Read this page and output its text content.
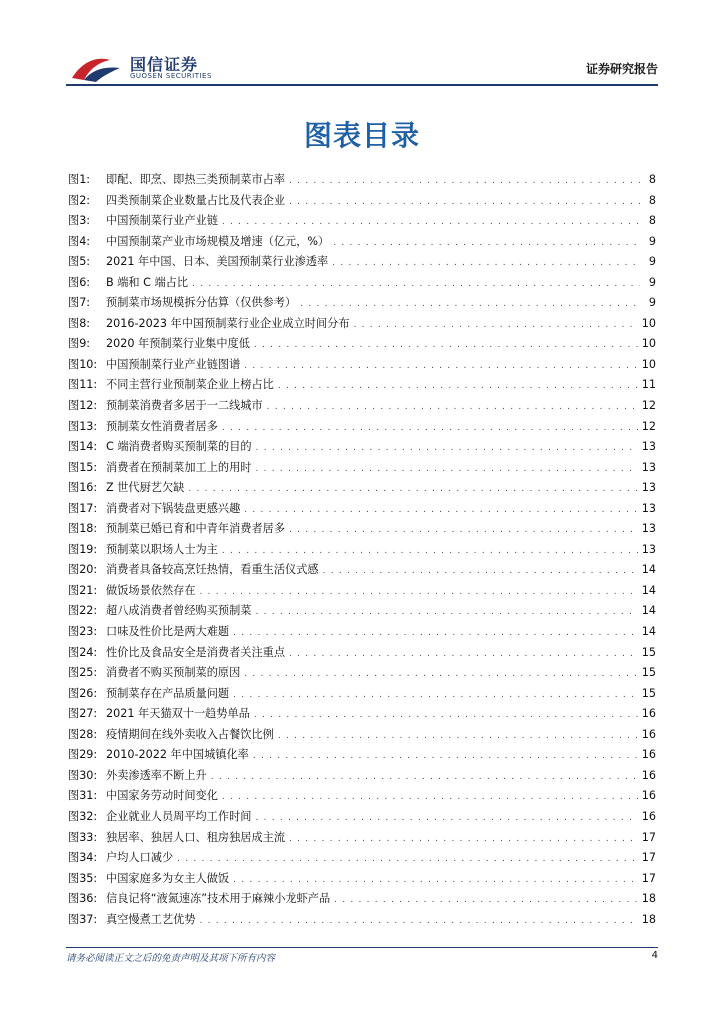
国信证券
GUOSEN SECURITIES	证券研究报告
图表目录
图1:	即配、即烹、即热三类预制菜市占率 . . .	8
图2:	四类预制菜企业数量占比及代表企业 . . .	8
图3:	中国预制菜行业产业链 . . .	8
图4:	中国预制菜产业市场规模及增速（亿元，%） . . .	9
图5:	2021 年中国、日本、美国预制菜行业渗透率 . . .	9
图6:	B 端和 C 端占比 . . .	9
图7:	预制菜市场规模拆分估算（仅供参考） . . .	9
图8:	2016-2023 年中国预制菜行业企业成立时间分布 . . .	10
图9:	2020 年预制菜行业集中度低 . . .	10
图10: 中国预制菜行业产业链图谱 . . .	10
图11: 不同主营行业预制菜企业上榜占比 . . .	11
图12: 预制菜消费者多居于一二线城市 . . .	12
图13: 预制菜女性消费者居多 . . .	12
图14: C 端消费者购买预制菜的目的 . . .	13
图15: 消费者在预制菜加工上的用时 . . .	13
图16: Z 世代厨艺欠缺 . . .	13
图17: 消费者对下锅装盘更感兴趣 . . .	13
图18: 预制菜已婚已育和中青年消费者居多 . . .	13
图19: 预制菜以职场人士为主 . . .	13
图20: 消费者具备较高烹饪热情，看重生活仪式感 . . .	14
图21: 做饭场景依然存在 . . .	14
图22: 超八成消费者曾经购买预制菜 . . .	14
图23: 口味及性价比是两大难题 . . .	14
图24: 性价比及食品安全是消费者关注重点 . . .	15
图25: 消费者不购买预制菜的原因 . . .	15
图26: 预制菜存在产品质量问题 . . .	15
图27: 2021 年天猫双十一趋势单品 . . .	16
图28: 疫情期间在线外卖收入占餐饮比例 . . .	16
图29: 2010-2022 年中国城镇化率 . . .	16
图30: 外卖渗透率不断上升 . . .	16
图31: 中国家务劳动时间变化 . . .	16
图32: 企业就业人员周平均工作时间 . . .	16
图33: 独居率、独居人口、租房独居成主流 . . .	17
图34: 户均人口减少 . . .	17
图35: 中国家庭多为女主人做饭 . . .	17
图36: 信良记将“液氮速冻”技术用于麻辣小龙虾产品 . . .	18
图37: 真空慢煮工艺优势 . . .	18
请务必阅读正文之后的免责声明及其项下所有内容	4
